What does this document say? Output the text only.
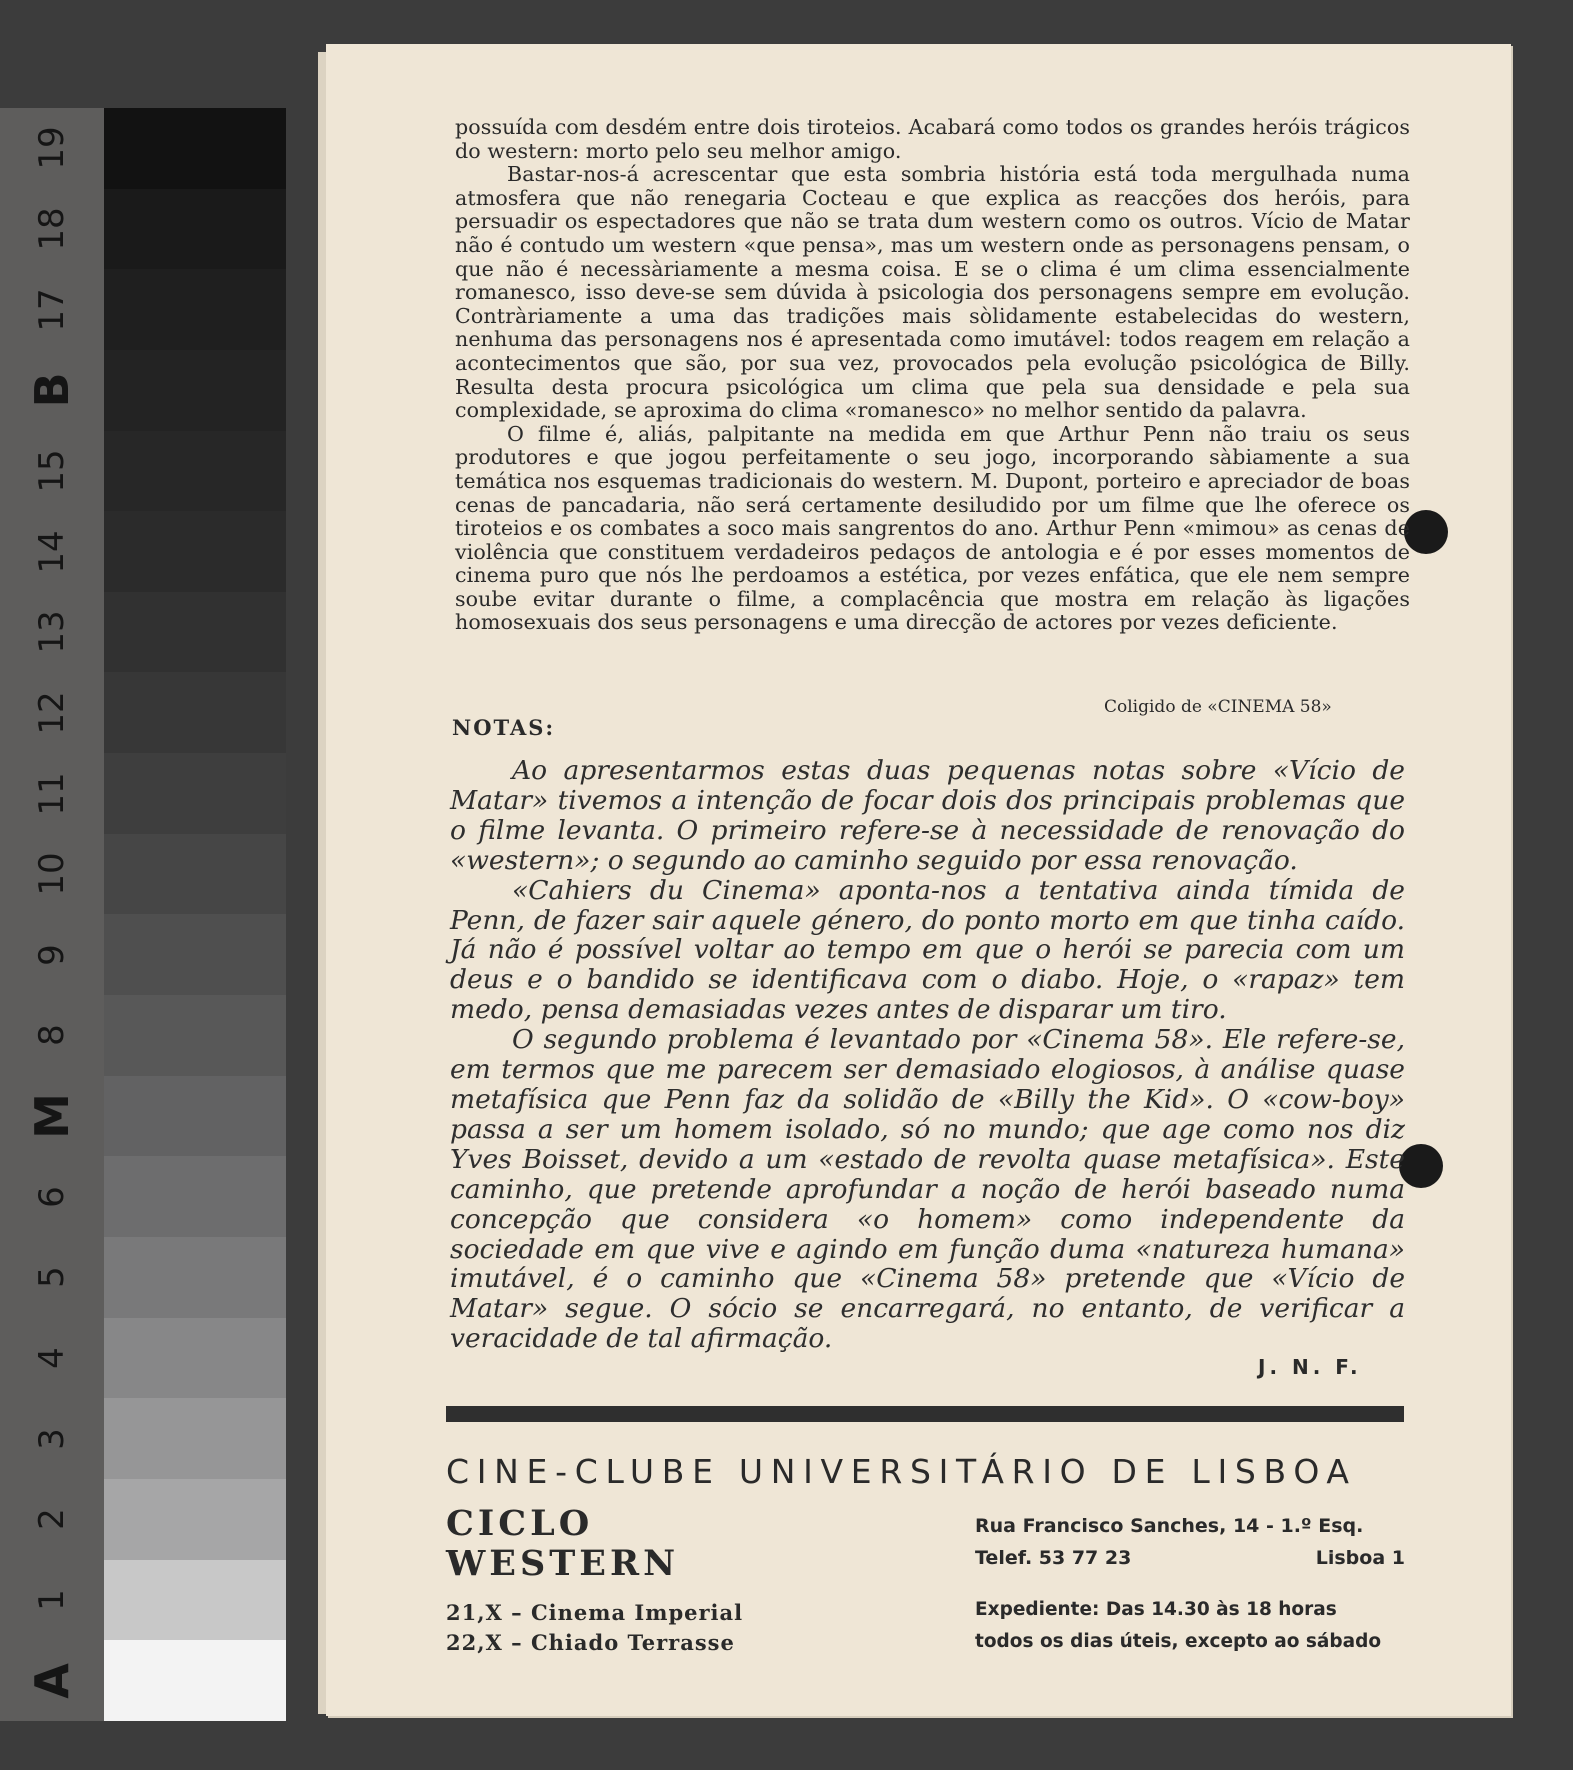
19
18
17
B
15
14
13
12
11
10
9
8
M
6
5
4
3
2
1
A

possuída com desdém entre dois tiroteios. Acabará como todos os grandes heróis trágicos do western: morto pelo seu melhor amigo.

Bastar-nos-á acrescentar que esta sombria história está toda mergulhada numa atmosfera que não renegaria Cocteau e que explica as reacções dos heróis, para persuadir os espectadores que não se trata dum western como os outros. Vício de Matar não é contudo um western «que pensa», mas um western onde as personagens pensam, o que não é necessàriamente a mesma coisa. E se o clima é um clima essencialmente romanesco, isso deve-se sem dúvida à psicologia dos personagens sempre em evolução. Contràriamente a uma das tradições mais sòlidamente estabelecidas do western, nenhuma das personagens nos é apresentada como imutável: todos reagem em relação a acontecimentos que são, por sua vez, provocados pela evolução psicológica de Billy. Resulta desta procura psicológica um clima que pela sua densidade e pela sua complexidade, se aproxima do clima «romanesco» no melhor sentido da palavra.

O filme é, aliás, palpitante na medida em que Arthur Penn não traiu os seus produtores e que jogou perfeitamente o seu jogo, incorporando sàbiamente a sua temática nos esquemas tradicionais do western. M. Dupont, porteiro e apreciador de boas cenas de pancadaria, não será certamente desiludido por um filme que lhe oferece os tiroteios e os combates a soco mais sangrentos do ano. Arthur Penn «mimou» as cenas de violência que constituem verdadeiros pedaços de antologia e é por esses momentos de cinema puro que nós lhe perdoamos a estética, por vezes enfática, que ele nem sempre soube evitar durante o filme, a complacência que mostra em relação às ligações homosexuais dos seus personagens e uma direcção de actores por vezes deficiente.

Coligido de «CINEMA 58»
NOTAS:

Ao apresentarmos estas duas pequenas notas sobre «Vício de Matar» tivemos a intenção de focar dois dos principais problemas que o filme levanta. O primeiro refere-se à necessidade de renovação do «western»; o segundo ao caminho seguido por essa renovação.

«Cahiers du Cinema» aponta-nos a tentativa ainda tímida de Penn, de fazer sair aquele género, do ponto morto em que tinha caído. Já não é possível voltar ao tempo em que o herói se parecia com um deus e o bandido se identificava com o diabo. Hoje, o «rapaz» tem medo, pensa demasiadas vezes antes de disparar um tiro.

O segundo problema é levantado por «Cinema 58». Ele refere-se, em termos que me parecem ser demasiado elogiosos, à análise quase metafísica que Penn faz da solidão de «Billy the Kid». O «cow-boy» passa a ser um homem isolado, só no mundo; que age como nos diz Yves Boisset, devido a um «estado de revolta quase metafísica». Este caminho, que pretende aprofundar a noção de herói baseado numa concepção que considera «o homem» como independente da sociedade em que vive e agindo em função duma «natureza humana» imutável, é o caminho que «Cinema 58» pretende que «Vício de Matar» segue. O sócio se encarregará, no entanto, de verificar a veracidade de tal afirmação.

J. N. F.
CINE-CLUBE UNIVERSITÁRIO DE LISBOA
CICLO
WESTERN
21,X – Cinema Imperial
22,X – Chiado Terrasse
Rua Francisco Sanches, 14 - 1.º Esq.
Telef. 53 77 23	Lisboa 1
Expediente: Das 14.30 às 18 horas
todos os dias úteis, excepto ao sábado
